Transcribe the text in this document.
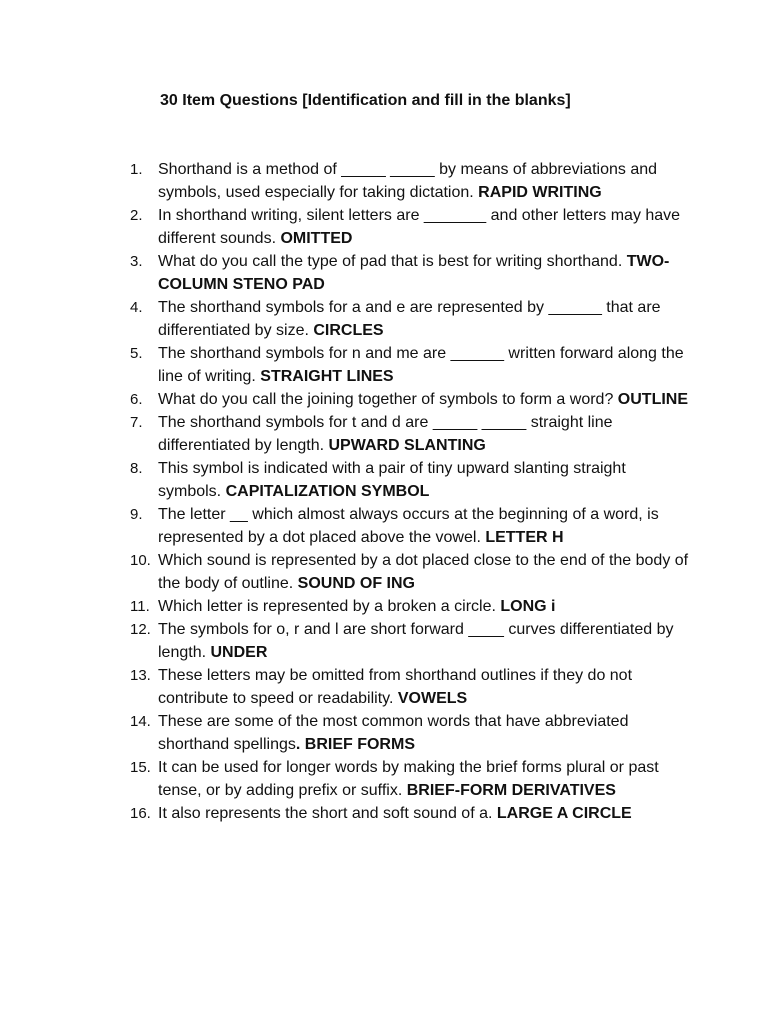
30 Item Questions [Identification and fill in the blanks]
1. Shorthand is a method of _____ _____ by means of abbreviations and symbols, used especially for taking dictation. RAPID WRITING
2. In shorthand writing, silent letters are _______ and other letters may have different sounds. OMITTED
3. What do you call the type of pad that is best for writing shorthand. TWO-COLUMN STENO PAD
4. The shorthand symbols for a and e are represented by ______ that are differentiated by size. CIRCLES
5. The shorthand symbols for n and me are ______ written forward along the line of writing. STRAIGHT LINES
6. What do you call the joining together of symbols to form a word? OUTLINE
7. The shorthand symbols for t and d are _____ _____ straight line differentiated by length. UPWARD SLANTING
8. This symbol is indicated with a pair of tiny upward slanting straight symbols. CAPITALIZATION SYMBOL
9. The letter __ which almost always occurs at the beginning of a word, is represented by a dot placed above the vowel. LETTER H
10. Which sound is represented by a dot placed close to the end of the body of the body of outline. SOUND OF ING
11. Which letter is represented by a broken a circle. LONG i
12. The symbols for o, r and l are short forward ____ curves differentiated by length. UNDER
13. These letters may be omitted from shorthand outlines if they do not contribute to speed or readability. VOWELS
14. These are some of the most common words that have abbreviated shorthand spellings. BRIEF FORMS
15. It can be used for longer words by making the brief forms plural or past tense, or by adding prefix or suffix. BRIEF-FORM DERIVATIVES
16. It also represents the short and soft sound of a. LARGE A CIRCLE
